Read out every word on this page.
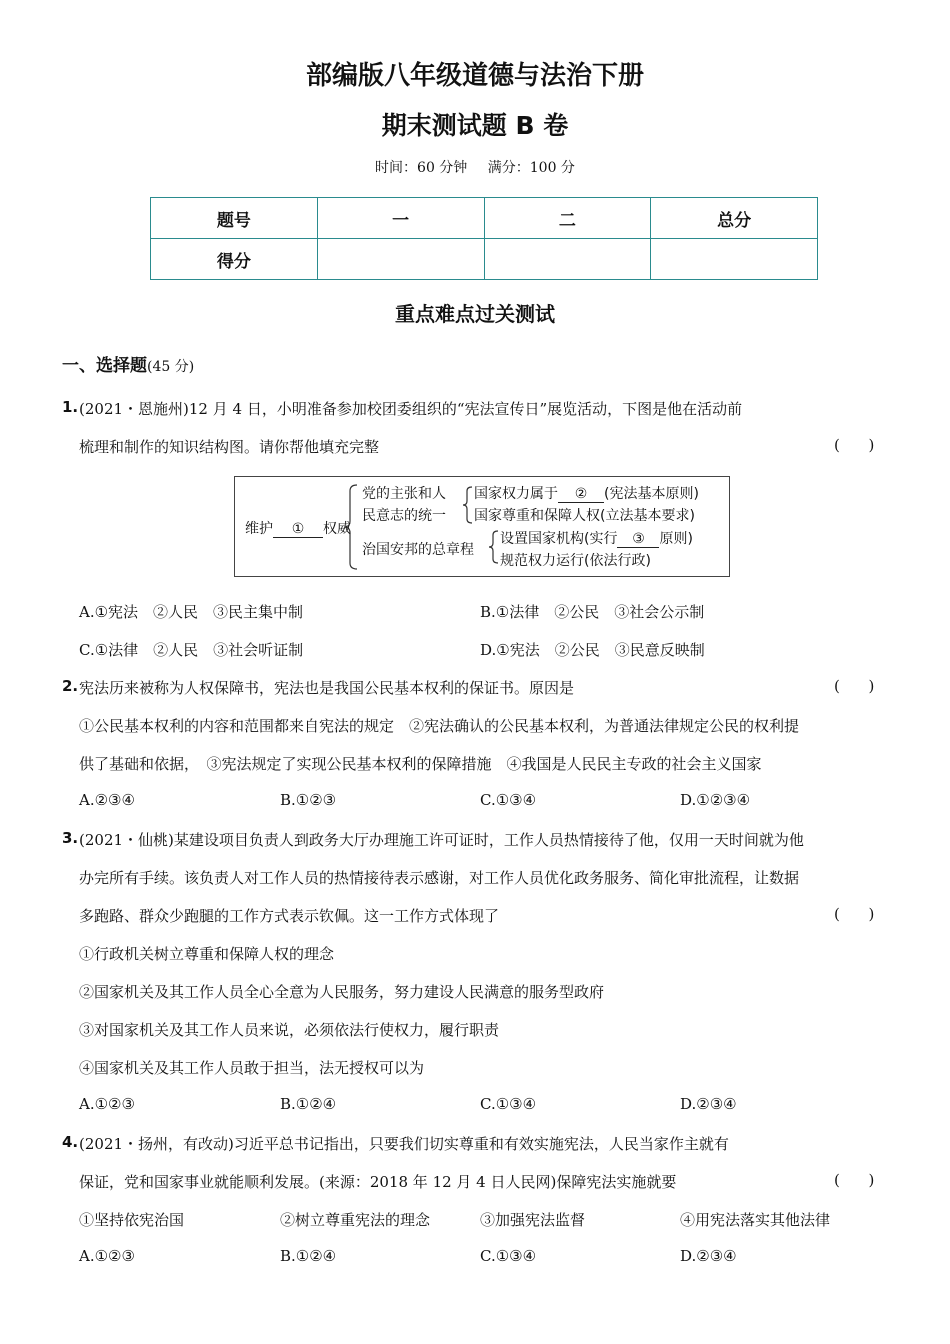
部编版八年级道德与法治下册
期末测试题 B 卷
时间：60 分钟 满分：100 分
题号	一	二	总分
得分			
重点难点过关测试
一、选择题(45 分)
1. (2021・恩施州)12 月 4 日，小明准备参加校团委组织的“宪法宣传日”展览活动，下图是他在活动前
梳理和制作的知识结构图。请你帮他填充完整	(      )
维护 ① 权威
党的主张和人
民意志的统一
治国安邦的总章程
国家权力属于 ② (宪法基本原则)
国家尊重和保障人权(立法基本要求)
设置国家机构(实行 ③ 原则)
规范权力运行(依法行政)
A.①宪法　②人民　③民主集中制	B.①法律　②公民　③社会公示制
C.①法律　②人民　③社会听证制	D.①宪法　②公民　③民意反映制
2. 宪法历来被称为人权保障书，宪法也是我国公民基本权利的保证书。原因是	(      )
①公民基本权利的内容和范围都来自宪法的规定　②宪法确认的公民基本权利，为普通法律规定公民的权利提
供了基础和依据，　③宪法规定了实现公民基本权利的保障措施　④我国是人民民主专政的社会主义国家
A.②③④	B.①②③	C.①③④	D.①②③④
3. (2021・仙桃)某建设项目负责人到政务大厅办理施工许可证时，工作人员热情接待了他，仅用一天时间就为他
办完所有手续。该负责人对工作人员的热情接待表示感谢，对工作人员优化政务服务、简化审批流程，让数据
多跑路、群众少跑腿的工作方式表示钦佩。这一工作方式体现了	(      )
①行政机关树立尊重和保障人权的理念
②国家机关及其工作人员全心全意为人民服务，努力建设人民满意的服务型政府
③对国家机关及其工作人员来说，必须依法行使权力，履行职责
④国家机关及其工作人员敢于担当，法无授权可以为
A.①②③	B.①②④	C.①③④	D.②③④
4. (2021・扬州，有改动)习近平总书记指出，只要我们切实尊重和有效实施宪法，人民当家作主就有
保证，党和国家事业就能顺利发展。(来源：2018 年 12 月 4 日人民网)保障宪法实施就要	(      )
①坚持依宪治国	②树立尊重宪法的理念	③加强宪法监督	④用宪法落实其他法律
A.①②③	B.①②④	C.①③④	D.②③④
